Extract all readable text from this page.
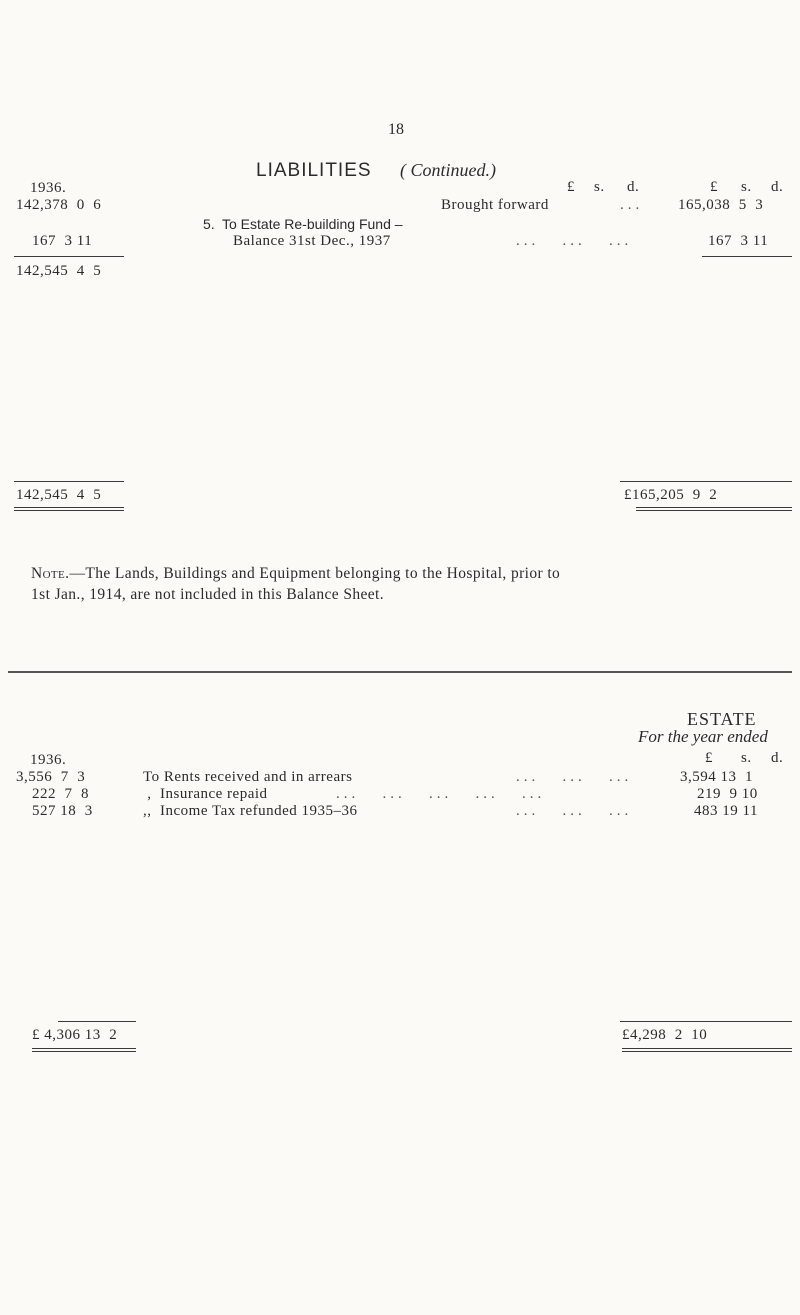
18
LIABILITIES ( Continued.)
1936.	£ s. d.	£ s. d.
142,378  0  6	Brought forward	... 165,038  5  3
5. To Estate Re-building Fund –
167  3 11	Balance 31st Dec., 1937	...   ...   ...	167  3 11
142,545  4  5
142,545  4  5	£165,205  9  2
Note.—The Lands, Buildings and Equipment belonging to the Hospital, prior to
1st Jan., 1914, are not included in this Balance Sheet.
ESTATE
For the year ended
1936.	£ s. d.
3,556  7  3	To Rents received and in arrears	...   ...   ...	3,594 13  1
222  7  8	,  Insurance repaid	...   ...   ...   ...   ...	219  9 10
527 18  3	,,  Income Tax refunded 1935–36	...   ...   ...	483 19 11
£ 4,306 13  2	£4,298  2  10
